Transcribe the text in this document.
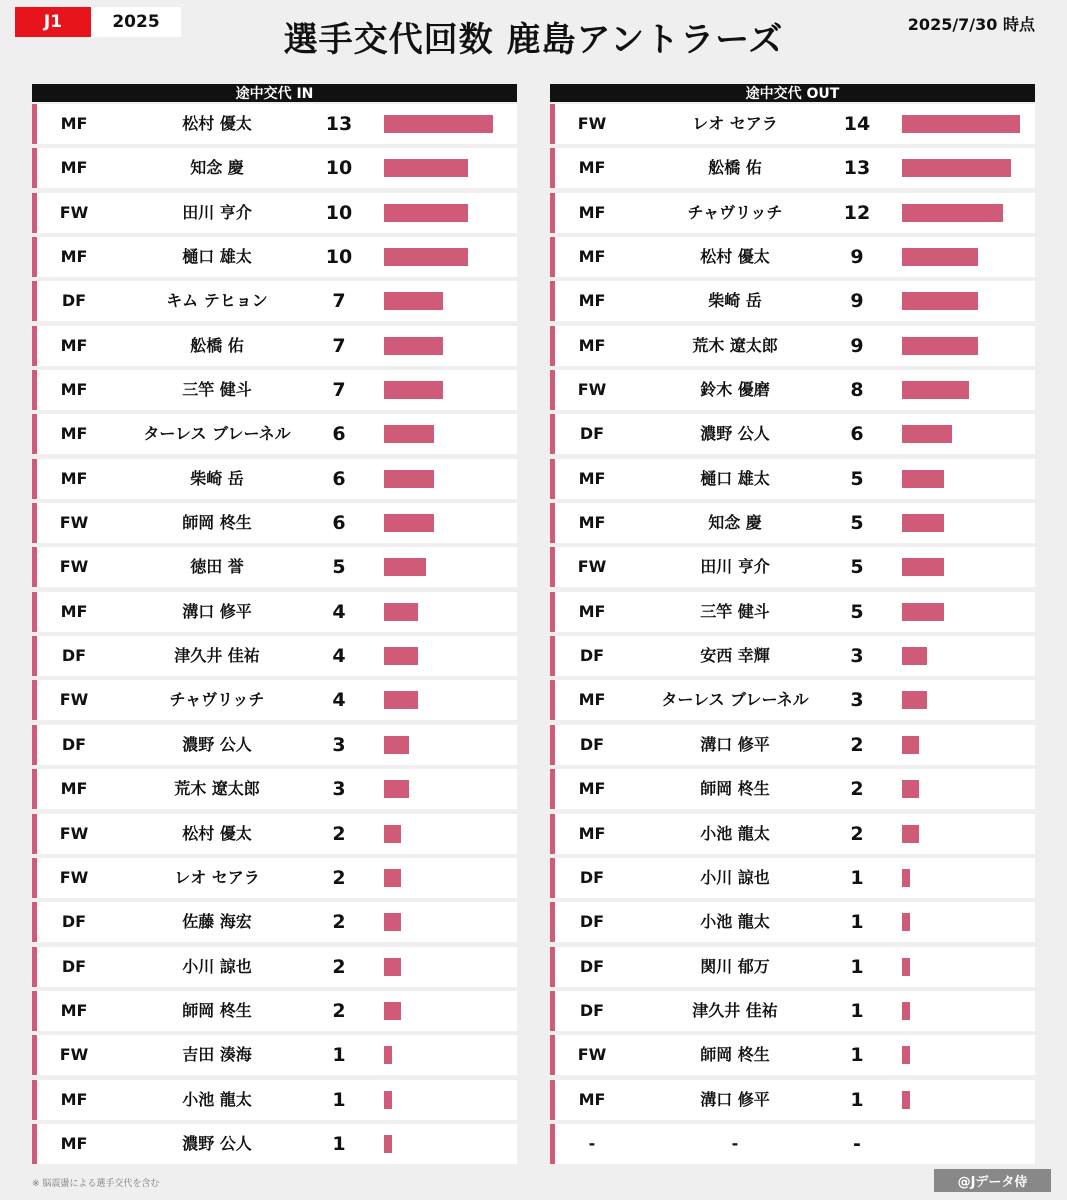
J1	2025	選手交代回数 鹿島アントラーズ	2025/7/30 時点
途中交代 IN
MF	松村 優太	13
MF	知念 慶	10
FW	田川 亨介	10
MF	樋口 雄太	10
DF	キム テヒョン	7
MF	舩橋 佑	7
MF	三竿 健斗	7
MF	ターレス ブレーネル	6
MF	柴崎 岳	6
FW	師岡 柊生	6
FW	徳田 誉	5
MF	溝口 修平	4
DF	津久井 佳祐	4
FW	チャヴリッチ	4
DF	濃野 公人	3
MF	荒木 遼太郎	3
FW	松村 優太	2
FW	レオ セアラ	2
DF	佐藤 海宏	2
DF	小川 諒也	2
MF	師岡 柊生	2
FW	吉田 湊海	1
MF	小池 龍太	1
MF	濃野 公人	1
途中交代 OUT
FW	レオ セアラ	14
MF	舩橋 佑	13
MF	チャヴリッチ	12
MF	松村 優太	9
MF	柴崎 岳	9
MF	荒木 遼太郎	9
FW	鈴木 優磨	8
DF	濃野 公人	6
MF	樋口 雄太	5
MF	知念 慶	5
FW	田川 亨介	5
MF	三竿 健斗	5
DF	安西 幸輝	3
MF	ターレス ブレーネル	3
DF	溝口 修平	2
MF	師岡 柊生	2
MF	小池 龍太	2
DF	小川 諒也	1
DF	小池 龍太	1
DF	関川 郁万	1
DF	津久井 佳祐	1
FW	師岡 柊生	1
MF	溝口 修平	1
-	-	-
※ 脳震盪による選手交代を含む	@Jデータ侍
